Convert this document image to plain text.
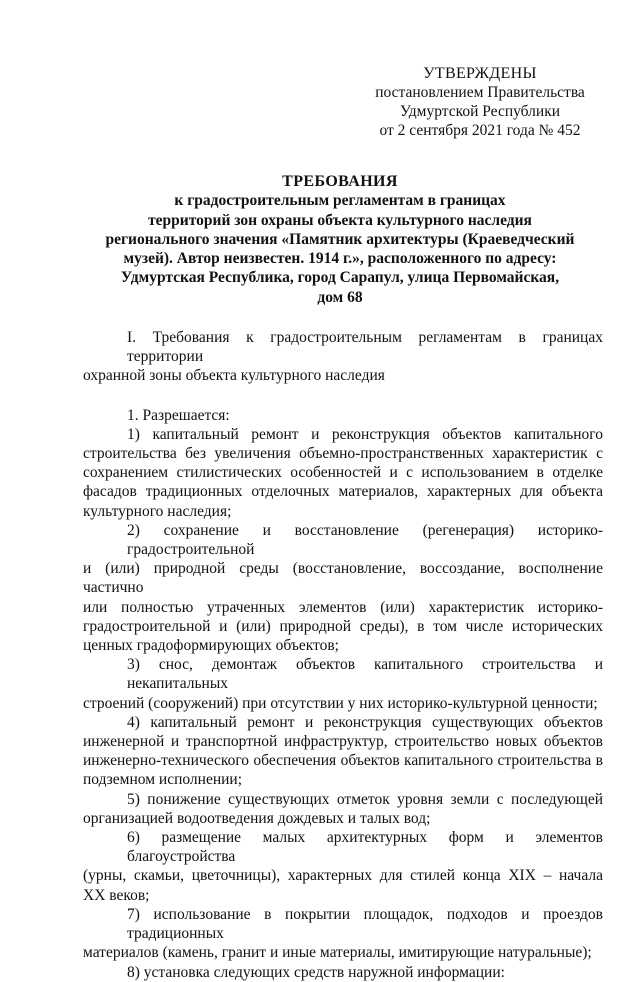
УТВЕРЖДЕНЫ
постановлением Правительства
Удмуртской Республики
от 2 сентября 2021 года № 452
ТРЕБОВАНИЯ
к градостроительным регламентам в границах
территорий зон охраны объекта культурного наследия
регионального значения «Памятник архитектуры (Краеведческий
музей). Автор неизвестен. 1914 г.», расположенного по адресу:
Удмуртская Республика, город Сарапул, улица Первомайская,
дом 68

I. Требования к градостроительным регламентам в границах территории
охранной зоны объекта культурного наследия

1. Разрешается:

1) капитальный ремонт и реконструкция объектов капитального
строительства без увеличения объемно-пространственных характеристик с
сохранением стилистических особенностей и с использованием в отделке
фасадов традиционных отделочных материалов, характерных для объекта
культурного наследия;

2) сохранение и восстановление (регенерация) историко-градостроительной
и (или) природной среды (восстановление, воссоздание, восполнение частично
или полностью утраченных элементов (или) характеристик историко-
градостроительной и (или) природной среды), в том числе исторических
ценных градоформирующих объектов;

3) снос, демонтаж объектов капитального строительства и некапитальных
строений (сооружений) при отсутствии у них историко-культурной ценности;

4) капитальный ремонт и реконструкция существующих объектов
инженерной и транспортной инфраструктур, строительство новых объектов
инженерно-технического обеспечения объектов капитального строительства в
подземном исполнении;

5) понижение существующих отметок уровня земли с последующей
организацией водоотведения дождевых и талых вод;

6) размещение малых архитектурных форм и элементов благоустройства
(урны, скамьи, цветочницы), характерных для стилей конца XIX – начала
XX веков;

7) использование в покрытии площадок, подходов и проездов традиционных
материалов (камень, гранит и иные материалы, имитирующие натуральные);

8) установка следующих средств наружной информации:
